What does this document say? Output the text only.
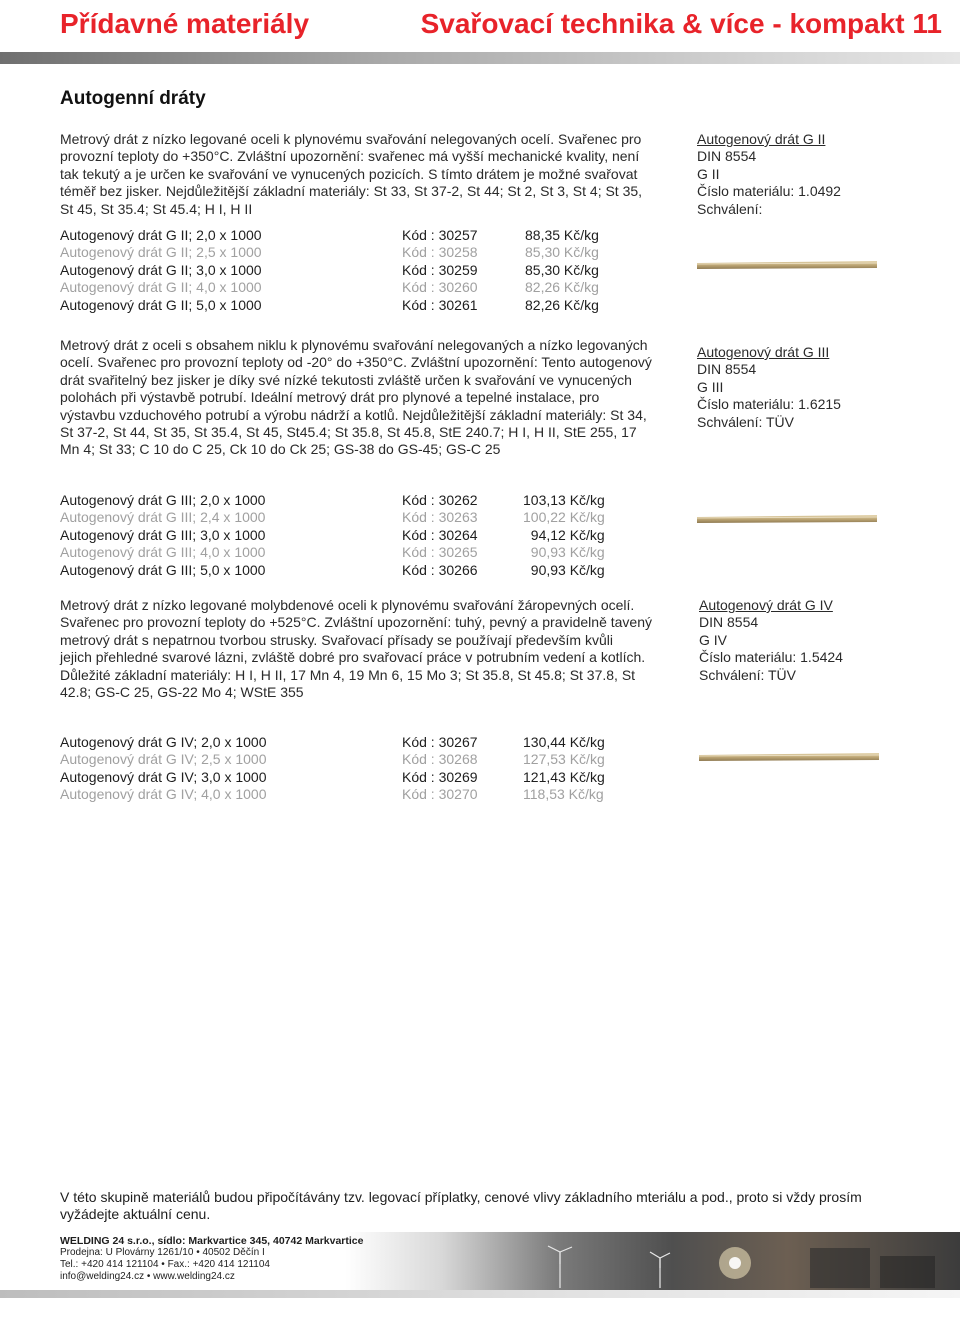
Přídavné materiály	Svařovací technika & více - kompakt 11
Autogenní dráty
Metrový drát z nízko legované oceli k plynovému svařování nelegovaných ocelí. Svařenec pro
provozní teploty do +350°C. Zvláštní upozornění: svařenec má vyšší mechanické kvality, není
tak tekutý a je určen ke svařování ve vynucených pozicích. S tímto drátem je možné svařovat
téměř bez jisker. Nejdůležitější základní materiály: St 33, St 37-2, St 44; St 2, St 3, St 4; St 35,
St 45, St 35.4; St 45.4; H I, H II
Autogenový drát G II
DIN 8554
G II
Číslo materiálu: 1.0492
Schválení:
Autogenový drát G II; 2,0 x 1000	Kód : 30257	88,35 Kč/kg
Autogenový drát G II; 2,5 x 1000	Kód : 30258	85,30 Kč/kg
Autogenový drát G II; 3,0 x 1000	Kód : 30259	85,30 Kč/kg
Autogenový drát G II; 4,0 x 1000	Kód : 30260	82,26 Kč/kg
Autogenový drát G II; 5,0 x 1000	Kód : 30261	82,26 Kč/kg
Metrový drát z oceli s obsahem niklu k plynovému svařování nelegovaných a nízko legovaných
ocelí. Svařenec pro provozní teploty od -20° do +350°C. Zvláštní upozornění: Tento autogenový
drát svařitelný bez jisker je díky své nízké tekutosti zvláště určen k svařování ve vynucených
polohách při výstavbě potrubí. Ideální metrový drát pro plynové a tepelné instalace, pro
výstavbu vzduchového potrubí a výrobu nádrží a kotlů. Nejdůležitější základní materiály: St 34,
St 37-2, St 44, St 35, St 35.4, St 45, St45.4; St 35.8, St 45.8, StE 240.7; H I, H II, StE 255, 17
Mn 4; St 33; C 10 do C 25, Ck 10 do Ck 25; GS-38 do GS-45; GS-C 25
Autogenový drát G III
DIN 8554
G III
Číslo materiálu: 1.6215
Schválení: TÜV
Autogenový drát G III; 2,0 x 1000	Kód : 30262	103,13 Kč/kg
Autogenový drát G III; 2,4 x 1000	Kód : 30263	100,22 Kč/kg
Autogenový drát G III; 3,0 x 1000	Kód : 30264	94,12 Kč/kg
Autogenový drát G III; 4,0 x 1000	Kód : 30265	90,93 Kč/kg
Autogenový drát G III; 5,0 x 1000	Kód : 30266	90,93 Kč/kg
Metrový drát z nízko legované molybdenové oceli k plynovému svařování žáropevných ocelí.
Svařenec pro provozní teploty do +525°C. Zvláštní upozornění: tuhý, pevný a pravidelně tavený
metrový drát s nepatrnou tvorbou strusky. Svařovací přísady se používají především kvůli
jejich přehledné svarové lázni, zvláště dobré pro svařovací práce v potrubním vedení a kotlích.
Důležité základní materiály: H I, H II, 17 Mn 4, 19 Mn 6, 15 Mo 3; St 35.8, St 45.8; St 37.8, St
42.8; GS-C 25, GS-22 Mo 4; WStE 355
Autogenový drát G IV
DIN 8554
G IV
Číslo materiálu: 1.5424
Schválení: TÜV
Autogenový drát G IV; 2,0 x 1000	Kód : 30267	130,44 Kč/kg
Autogenový drát G IV; 2,5 x 1000	Kód : 30268	127,53 Kč/kg
Autogenový drát G IV; 3,0 x 1000	Kód : 30269	121,43 Kč/kg
Autogenový drát G IV; 4,0 x 1000	Kód : 30270	118,53 Kč/kg
V této skupině materiálů budou připočítávány tzv. legovací příplatky, cenové vlivy základního mteriálu a pod., proto si vždy prosím
vyžádejte aktuální cenu.
WELDING 24 s.r.o., sídlo: Markvartice 345, 40742 Markvartice
Prodejna: U Plovárny 1261/10 • 40502 Děčín I
Tel.: +420 414 121104 • Fax.: +420 414 121104
info@welding24.cz • www.welding24.cz
